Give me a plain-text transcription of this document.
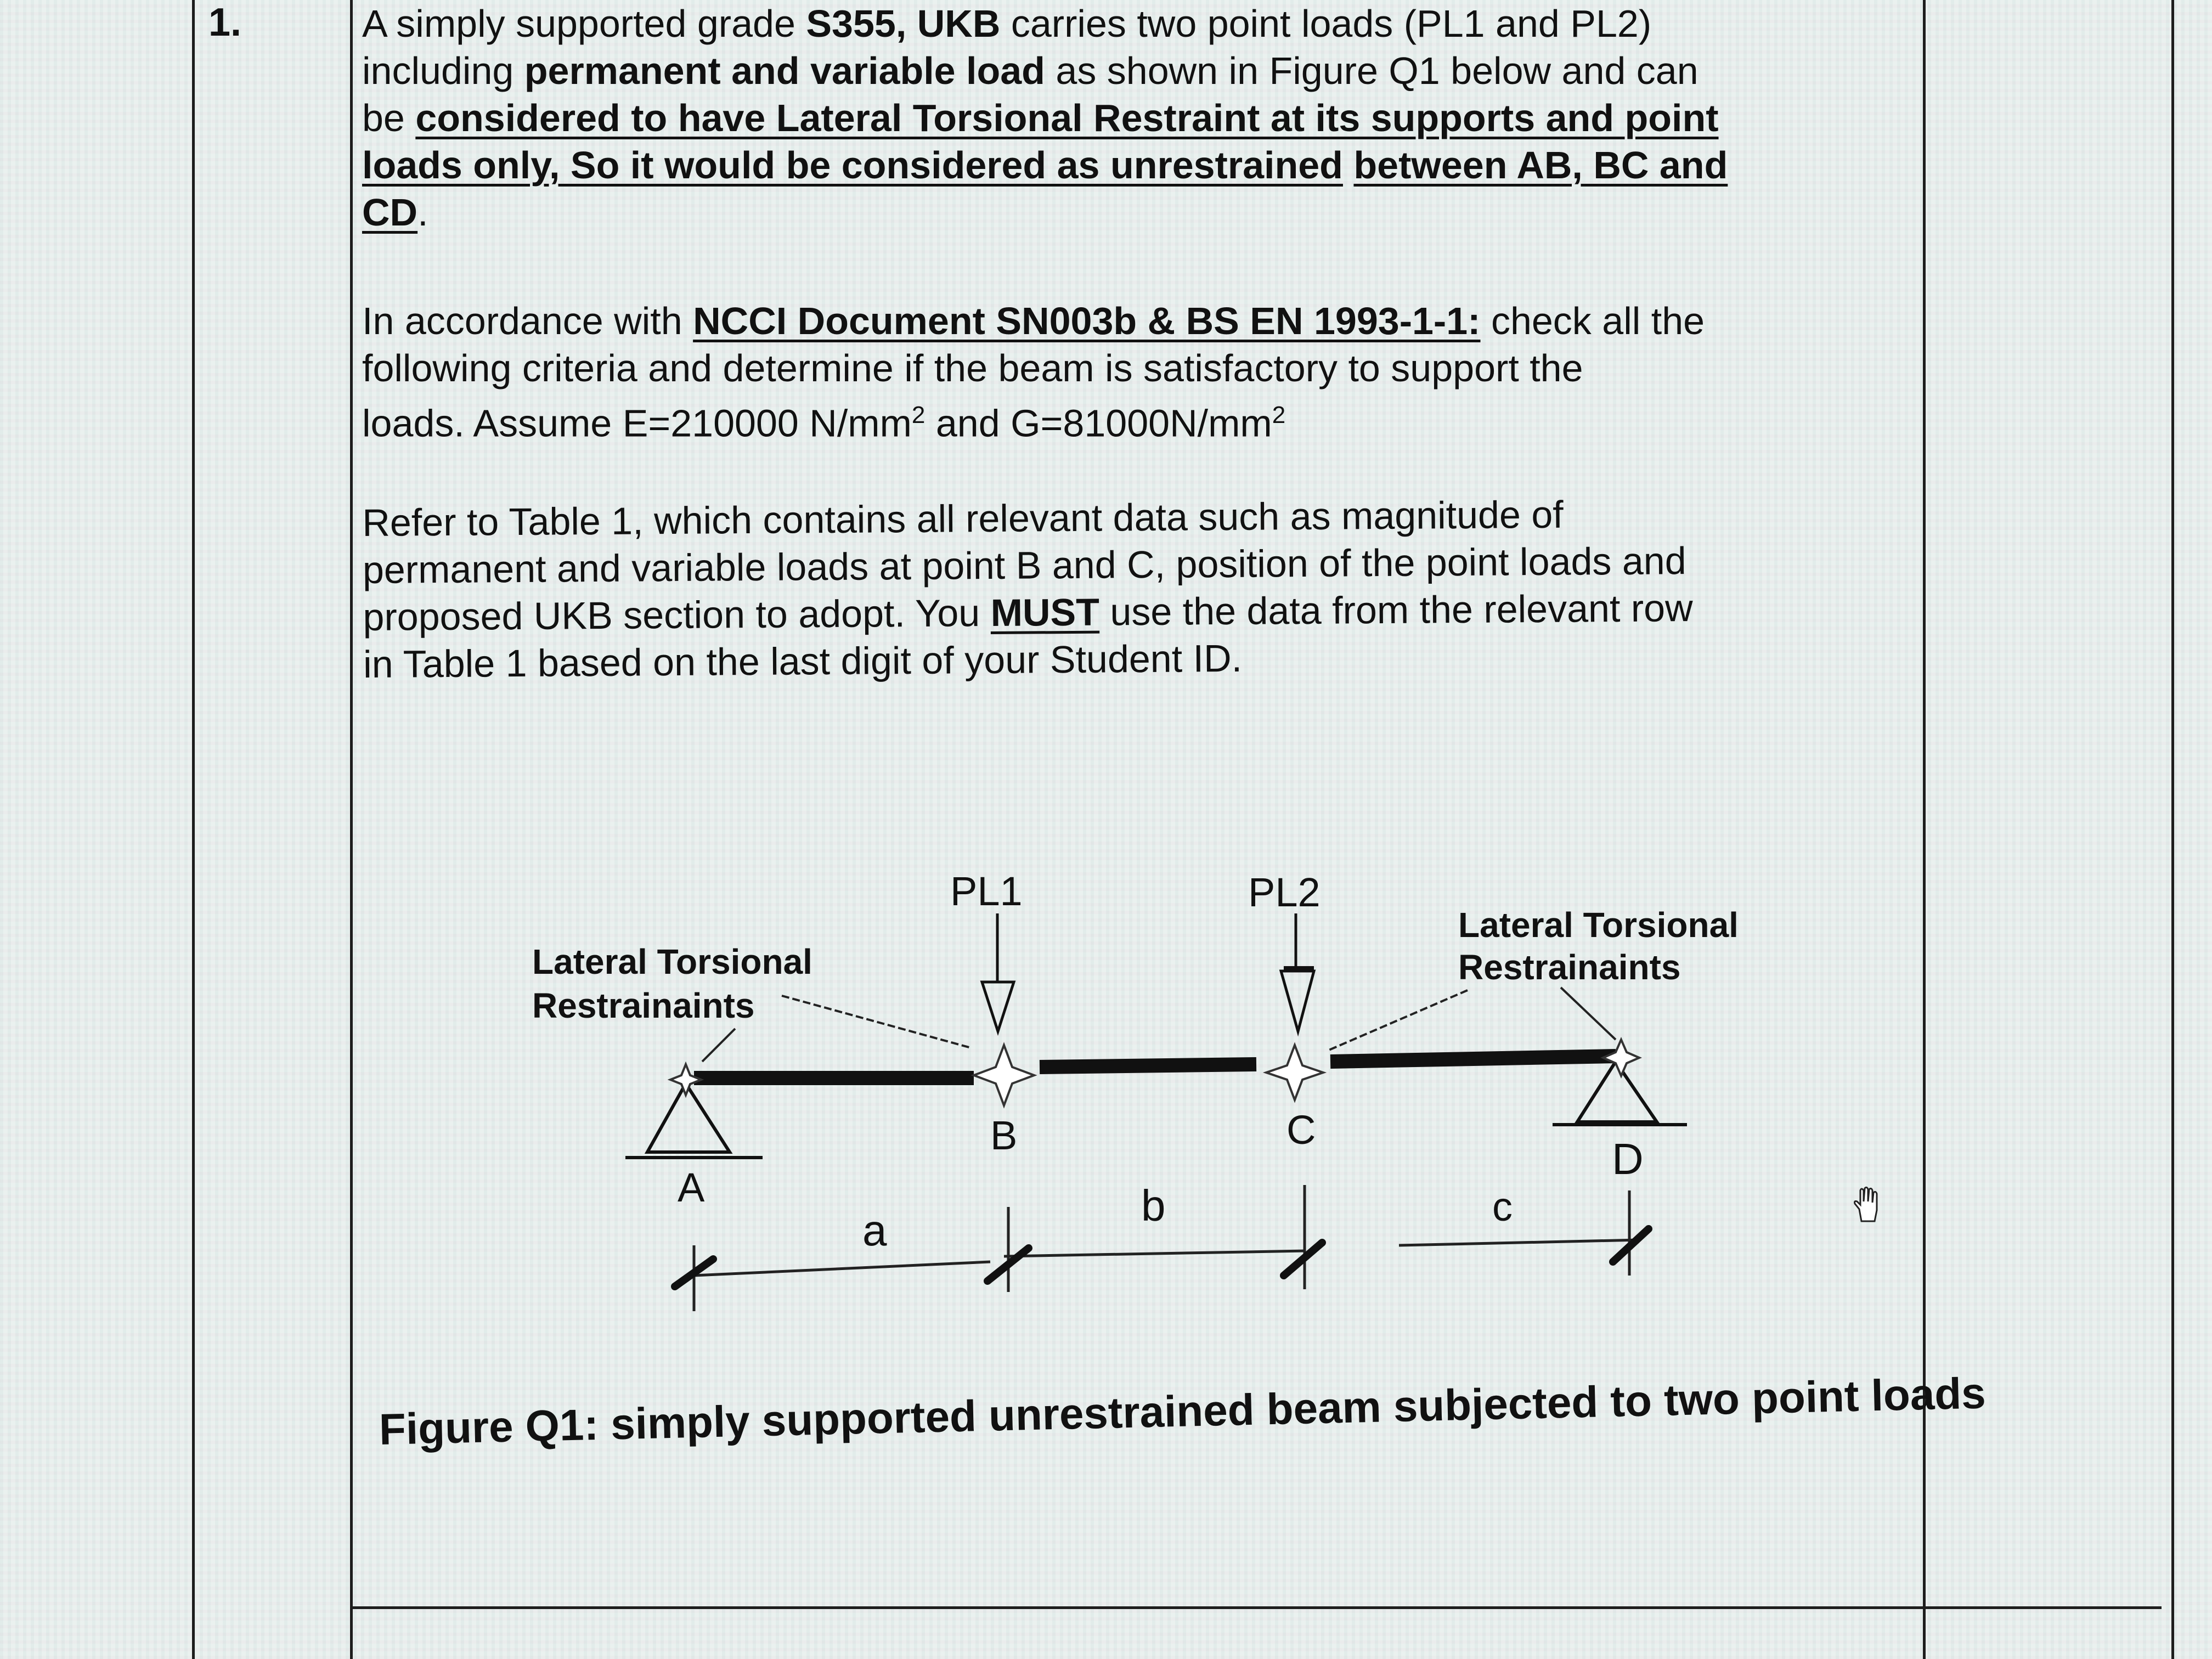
1.	A simply supported grade S355, UKB carries two point loads (PL1 and PL2)
including permanent and variable load as shown in Figure Q1 below and can
be considered to have Lateral Torsional Restraint at its supports and point
loads only, So it would be considered as unrestrained between AB, BC and
CD.
In accordance with NCCI Document SN003b & BS EN 1993-1-1: check all the
following criteria and determine if the beam is satisfactory to support the
loads. Assume E=210000 $N/mm^2$ and $G=81000N/mm^2$
Refer to Table 1, which contains all relevant data such as magnitude of
permanent and variable loads at point B and C, position of the point loads and
proposed UKB section to adopt. You MUST use the data from the relevant row
in Table 1 based on the last digit of your Student ID.
PL1	PL2
Lateral Torsional
Restrainaints
Lateral Torsional
Restrainaints
A
B	C
D
a
b	c
Figure Q1: simply supported unrestrained beam subjected to two point loads
